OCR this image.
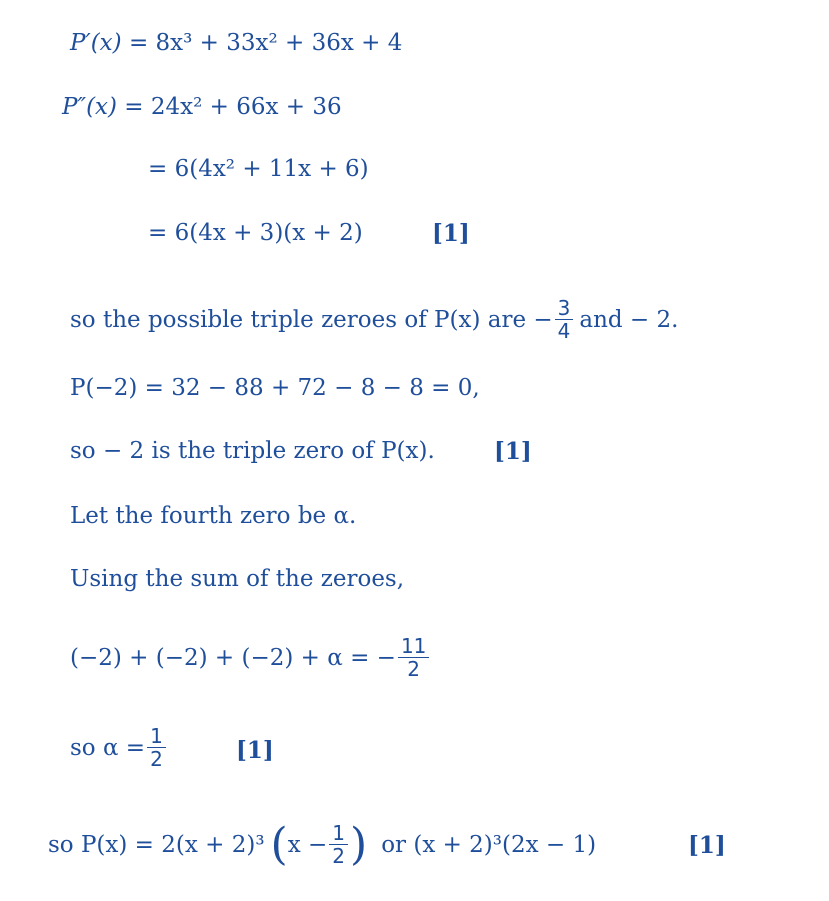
P′(x) = 8x³ + 33x² + 36x + 4
P″(x) = 24x² + 66x + 36
= 6(4x² + 11x + 6)
= 6(4x + 3)(x + 2)	[1]
so the possible triple zeroes of P(x) are − $\frac{3}{4}$ and − 2.
P(−2) = 32 − 88 + 72 − 8 − 8 = 0,
so − 2 is the triple zero of P(x).	[1]
Let the fourth zero be α.
Using the sum of the zeroes,
(−2) + (−2) + (−2) + α = − $\frac{11}{2}$
so $\alpha = \frac{1}{2}$	[1]
so P(x) = 2(x + 2)³ ( $x - \frac{1}{2}$ ) or (x + 2)³(2x − 1)	[1]
